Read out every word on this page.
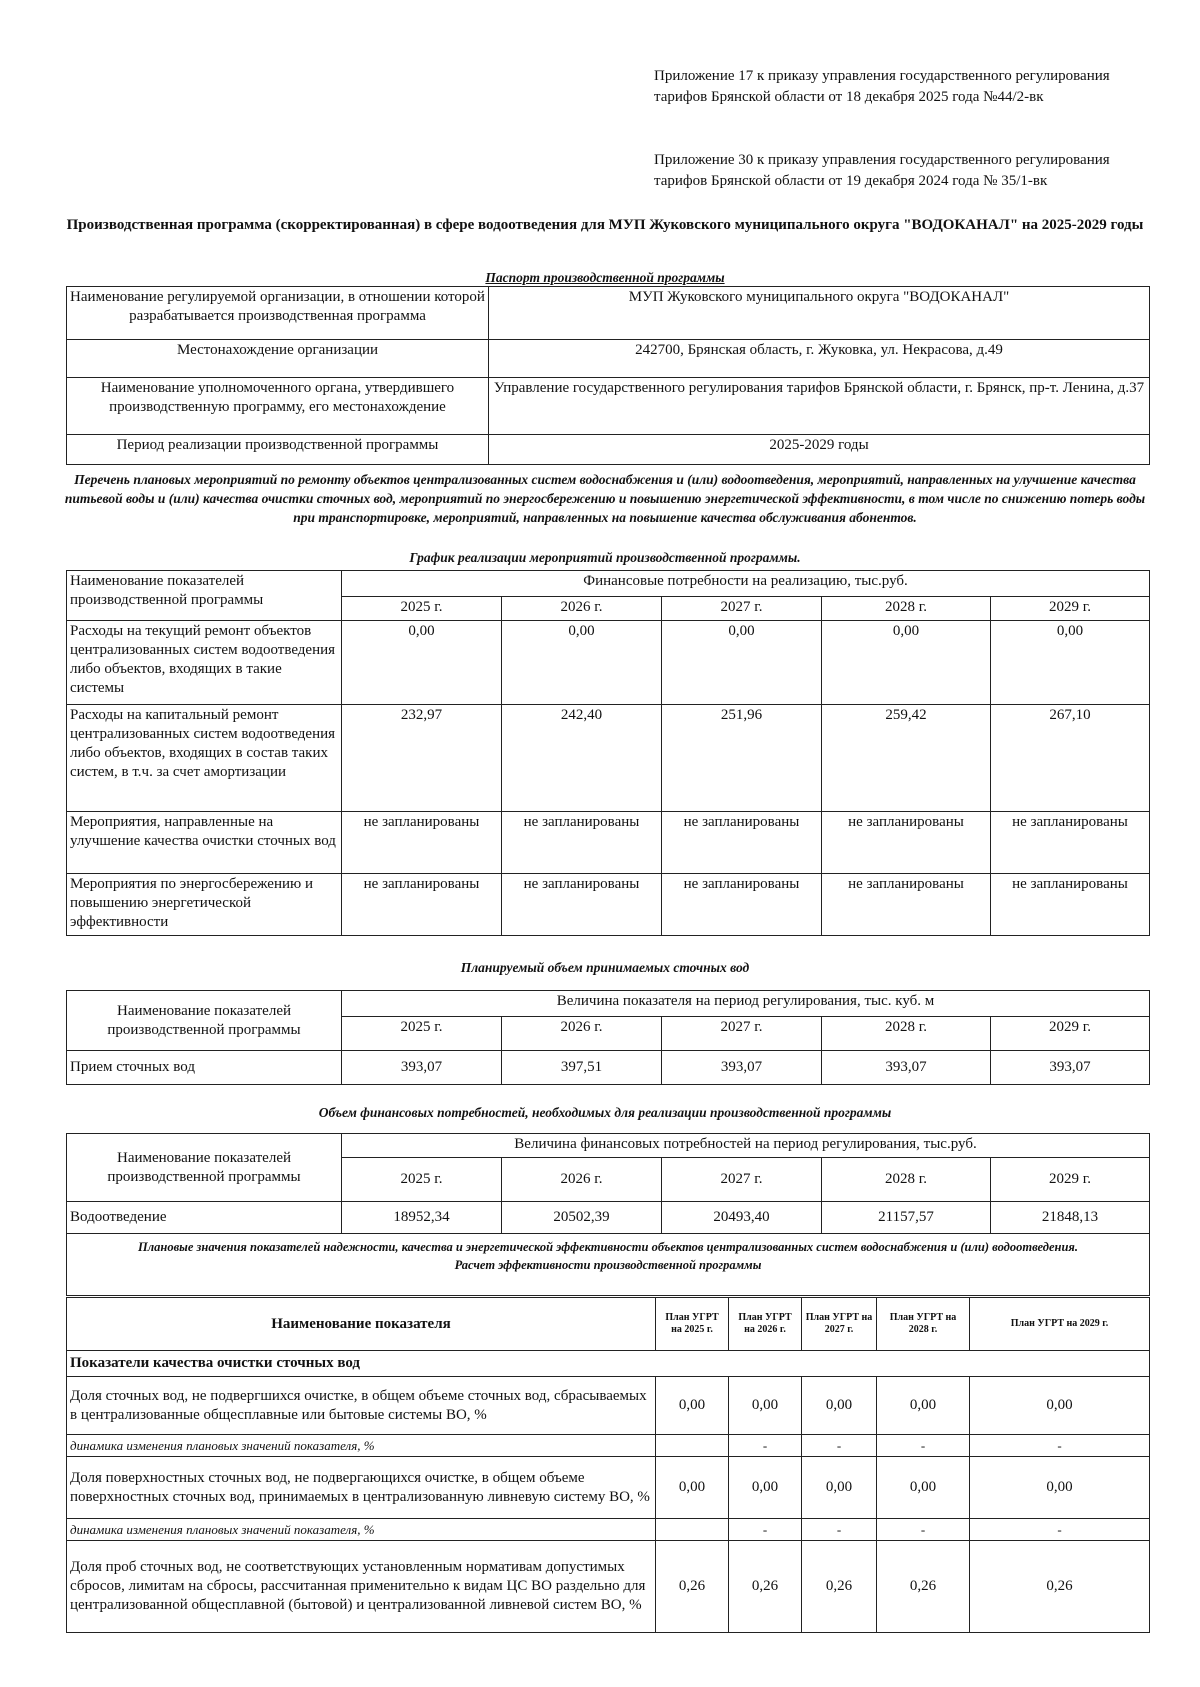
Приложение 17 к приказу управления государственного регулирования тарифов Брянской области от 18 декабря 2025 года №44/2-вк
Приложение 30 к приказу управления государственного регулирования тарифов Брянской области от 19 декабря 2024 года № 35/1-вк
Производственная программа (скорректированная) в сфере водоотведения для МУП Жуковского муниципального округа "ВОДОКАНАЛ" на 2025-2029 годы
Паспорт производственной программы
Наименование регулируемой организации, в отношении которой разрабатывается производственная программа	МУП Жуковского муниципального округа "ВОДОКАНАЛ"
Местонахождение организации	242700, Брянская область, г. Жуковка, ул. Некрасова, д.49
Наименование уполномоченного органа, утвердившего производственную программу, его местонахождение	Управление государственного регулирования тарифов Брянской области, г. Брянск, пр-т. Ленина, д.37
Период реализации производственной программы	2025-2029 годы
Перечень плановых мероприятий по ремонту объектов централизованных систем водоснабжения и (или) водоотведения, мероприятий, направленных на улучшение качества питьевой воды и (или) качества очистки сточных вод, мероприятий по энергосбережению и повышению энергетической эффективности, в том числе по снижению потерь воды при транспортировке, мероприятий, направленных на повышение качества обслуживания абонентов.
График реализации мероприятий производственной программы.
Наименование показателей производственной программы	Финансовые потребности на реализацию, тыс.руб.				
	2025 г.	2026 г.	2027 г.	2028 г.	2029 г.
Расходы на текущий ремонт объектов централизованных систем водоотведения либо объектов, входящих в такие системы	0,00	0,00	0,00	0,00	0,00
Расходы на капитальный ремонт централизованных систем водоотведения либо объектов, входящих в состав таких систем, в т.ч. за счет амортизации	232,97	242,40	251,96	259,42	267,10
Мероприятия, направленные на улучшение качества очистки сточных вод	не запланированы	не запланированы	не запланированы	не запланированы	не запланированы
Мероприятия по энергосбережению и повышению энергетической эффективности	не запланированы	не запланированы	не запланированы	не запланированы	не запланированы
Планируемый объем принимаемых сточных вод
Наименование показателей производственной программы	Величина показателя на период регулирования, тыс. куб. м				
	2025 г.	2026 г.	2027 г.	2028 г.	2029 г.
Прием сточных вод	393,07	397,51	393,07	393,07	393,07
Объем финансовых потребностей, необходимых для реализации производственной программы
Наименование показателей производственной программы	Величина финансовых потребностей на период регулирования, тыс.руб.				
	2025 г.	2026 г.	2027 г.	2028 г.	2029 г.
Водоотведение	18952,34	20502,39	20493,40	21157,57	21848,13

Плановые значения показателей надежности, качества и энергетической эффективности объектов централизованных систем водоснабжения и (или) водоотведения.
Расчет эффективности производственной программы					
Наименование показателя	План УГРТ на 2025 г.	План УГРТ на 2026 г.	План УГРТ на 2027 г.	План УГРТ на 2028 г.	План УГРТ на 2029 г.
Показатели качества очистки сточных вод					
Доля сточных вод, не подвергшихся очистке, в общем объеме сточных вод, сбрасываемых в централизованные общесплавные или бытовые системы ВО, %	0,00	0,00	0,00	0,00	0,00
динамика изменения плановых значений показателя, %		-	-	-	-
Доля поверхностных сточных вод, не подвергающихся очистке, в общем объеме поверхностных сточных вод, принимаемых в централизованную ливневую систему ВО, %	0,00	0,00	0,00	0,00	0,00
динамика изменения плановых значений показателя, %		-	-	-	-
Доля проб сточных вод, не соответствующих установленным нормативам допустимых сбросов, лимитам на сбросы, рассчитанная применительно к видам ЦС ВО раздельно для централизованной общесплавной (бытовой) и централизованной ливневой систем ВО, %	0,26	0,26	0,26	0,26	0,26
